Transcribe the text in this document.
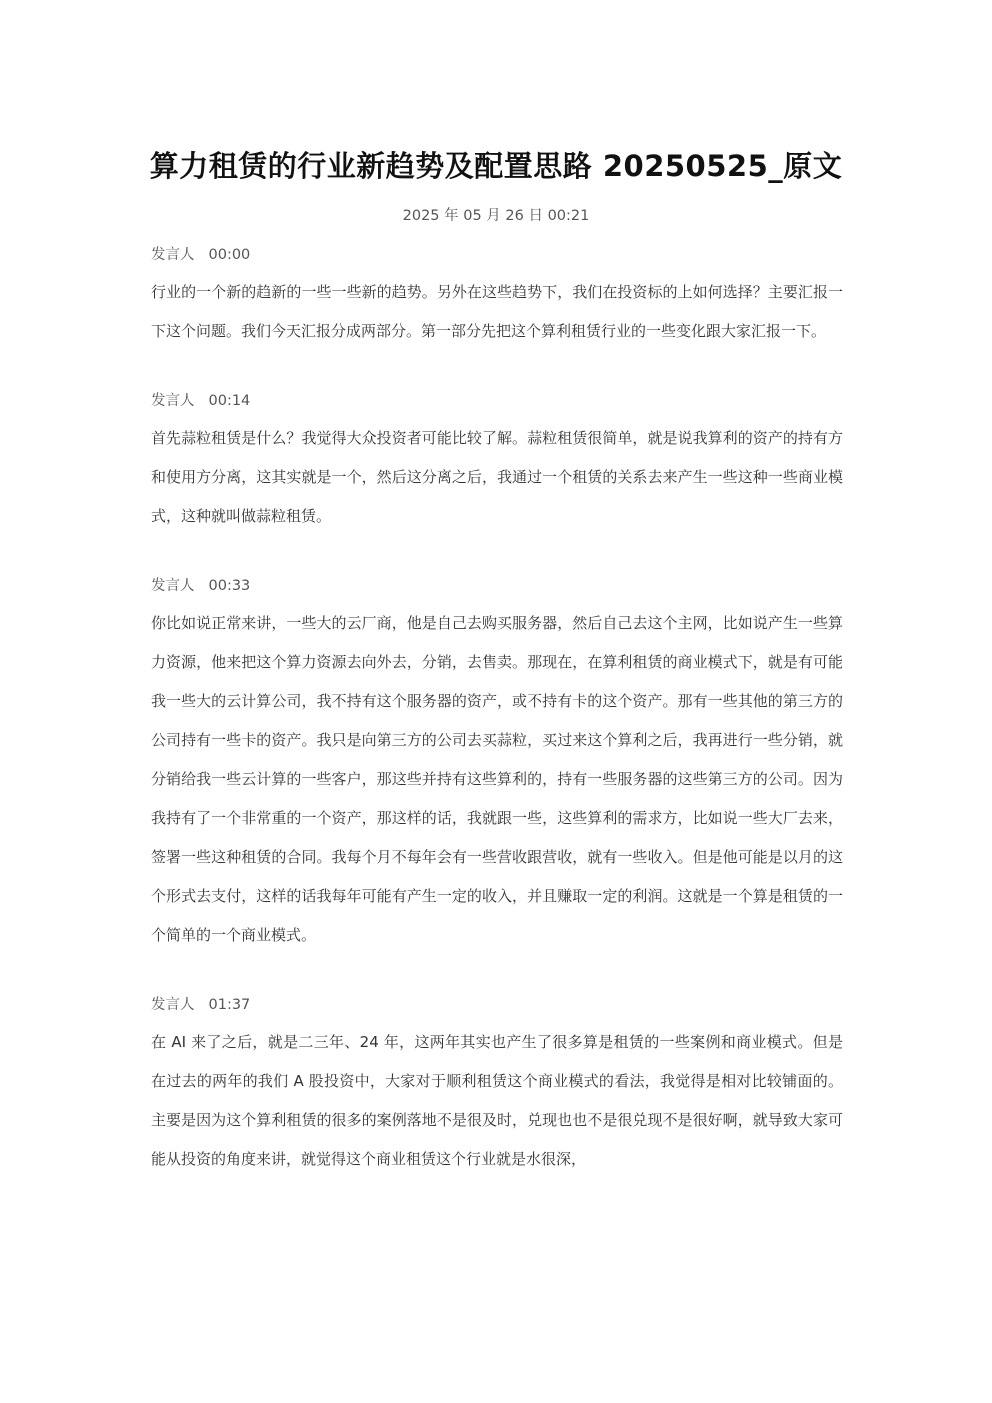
算力租赁的行业新趋势及配置思路 20250525_原文
2025 年 05 月 26 日 00:21
发言人 00:00

行业的一个新的趋新的一些一些新的趋势。另外在这些趋势下，我们在投资标的上如何选择？主要汇报一下这个问题。我们今天汇报分成两部分。第一部分先把这个算利租赁行业的一些变化跟大家汇报一下。

发言人 00:14

首先蒜粒租赁是什么？我觉得大众投资者可能比较了解。蒜粒租赁很简单，就是说我算利的资产的持有方和使用方分离，这其实就是一个，然后这分离之后，我通过一个租赁的关系去来产生一些这种一些商业模式，这种就叫做蒜粒租赁。

发言人 00:33

你比如说正常来讲，一些大的云厂商，他是自己去购买服务器，然后自己去这个主网，比如说产生一些算力资源，他来把这个算力资源去向外去，分销，去售卖。那现在，在算利租赁的商业模式下，就是有可能我一些大的云计算公司，我不持有这个服务器的资产，或不持有卡的这个资产。那有一些其他的第三方的公司持有一些卡的资产。我只是向第三方的公司去买蒜粒，买过来这个算利之后，我再进行一些分销，就分销给我一些云计算的一些客户，那这些并持有这些算利的，持有一些服务器的这些第三方的公司。因为我持有了一个非常重的一个资产，那这样的话，我就跟一些，这些算利的需求方，比如说一些大厂去来，签署一些这种租赁的合同。我每个月不每年会有一些营收跟营收，就有一些收入。但是他可能是以月的这个形式去支付，这样的话我每年可能有产生一定的收入，并且赚取一定的利润。这就是一个算是租赁的一个简单的一个商业模式。

发言人 01:37

在 AI 来了之后，就是二三年、24 年，这两年其实也产生了很多算是租赁的一些案例和商业模式。但是在过去的两年的我们 A 股投资中，大家对于顺利租赁这个商业模式的看法，我觉得是相对比较铺面的。主要是因为这个算利租赁的很多的案例落地不是很及时，兑现也也不是很兑现不是很好啊，就导致大家可能从投资的角度来讲，就觉得这个商业租赁这个行业就是水很深，
